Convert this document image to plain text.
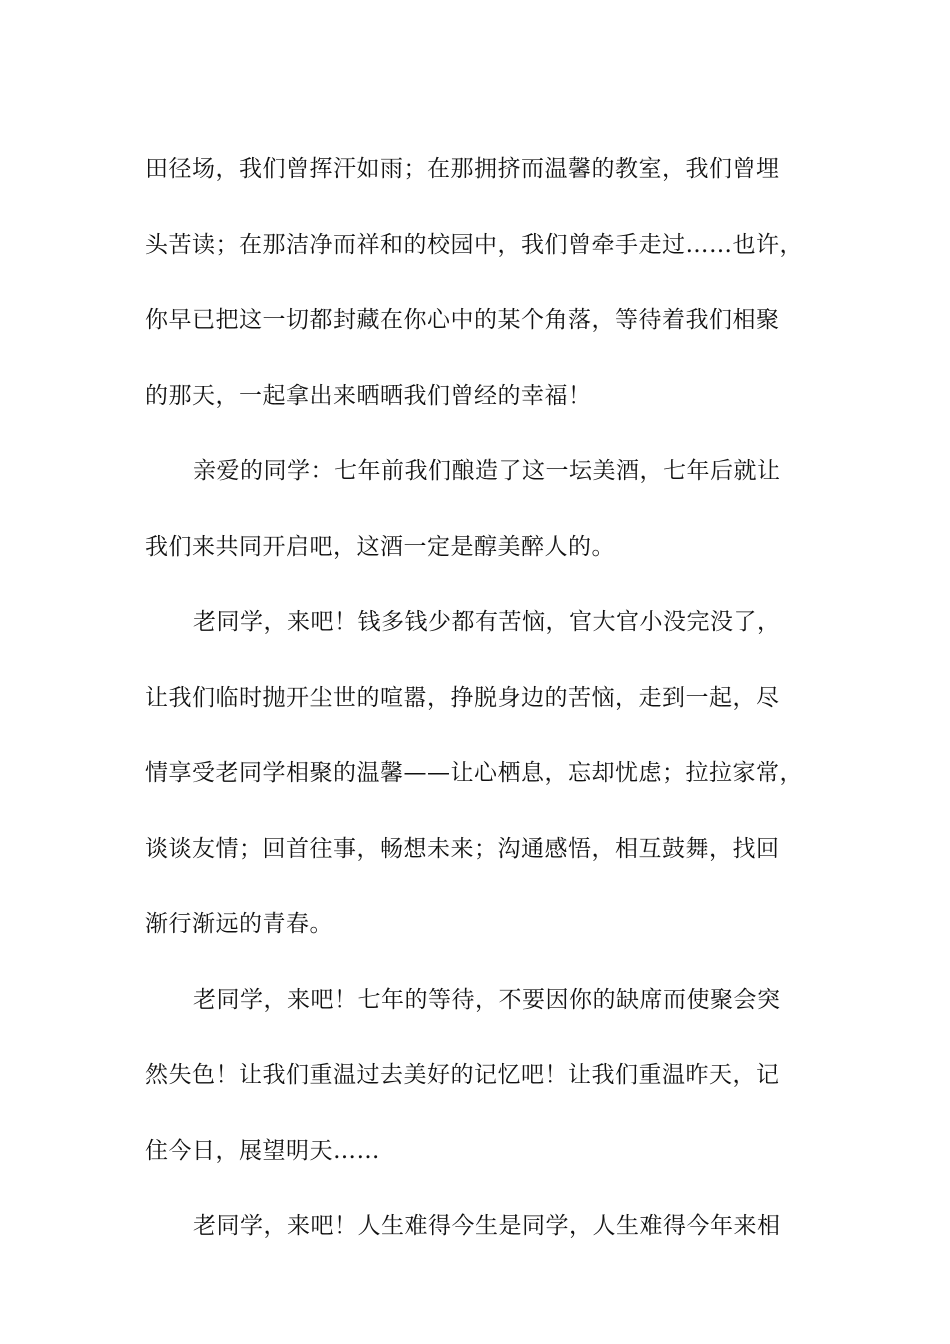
田径场，我们曾挥汗如雨；在那拥挤而温馨的教室，我们曾埋
头苦读；在那洁净而祥和的校园中，我们曾牵手走过……也许，
你早已把这一切都封藏在你心中的某个角落，等待着我们相聚
的那天，一起拿出来晒晒我们曾经的幸福！
亲爱的同学：七年前我们酿造了这一坛美酒，七年后就让
我们来共同开启吧，这酒一定是醇美醉人的。
老同学，来吧！钱多钱少都有苦恼，官大官小没完没了，
让我们临时抛开尘世的喧嚣，挣脱身边的苦恼，走到一起，尽
情享受老同学相聚的温馨——让心栖息，忘却忧虑；拉拉家常，
谈谈友情；回首往事，畅想未来；沟通感悟，相互鼓舞，找回
渐行渐远的青春。
老同学，来吧！七年的等待，不要因你的缺席而使聚会突
然失色！让我们重温过去美好的记忆吧！让我们重温昨天，记
住今日，展望明天……
老同学，来吧！人生难得今生是同学，人生难得今年来相
